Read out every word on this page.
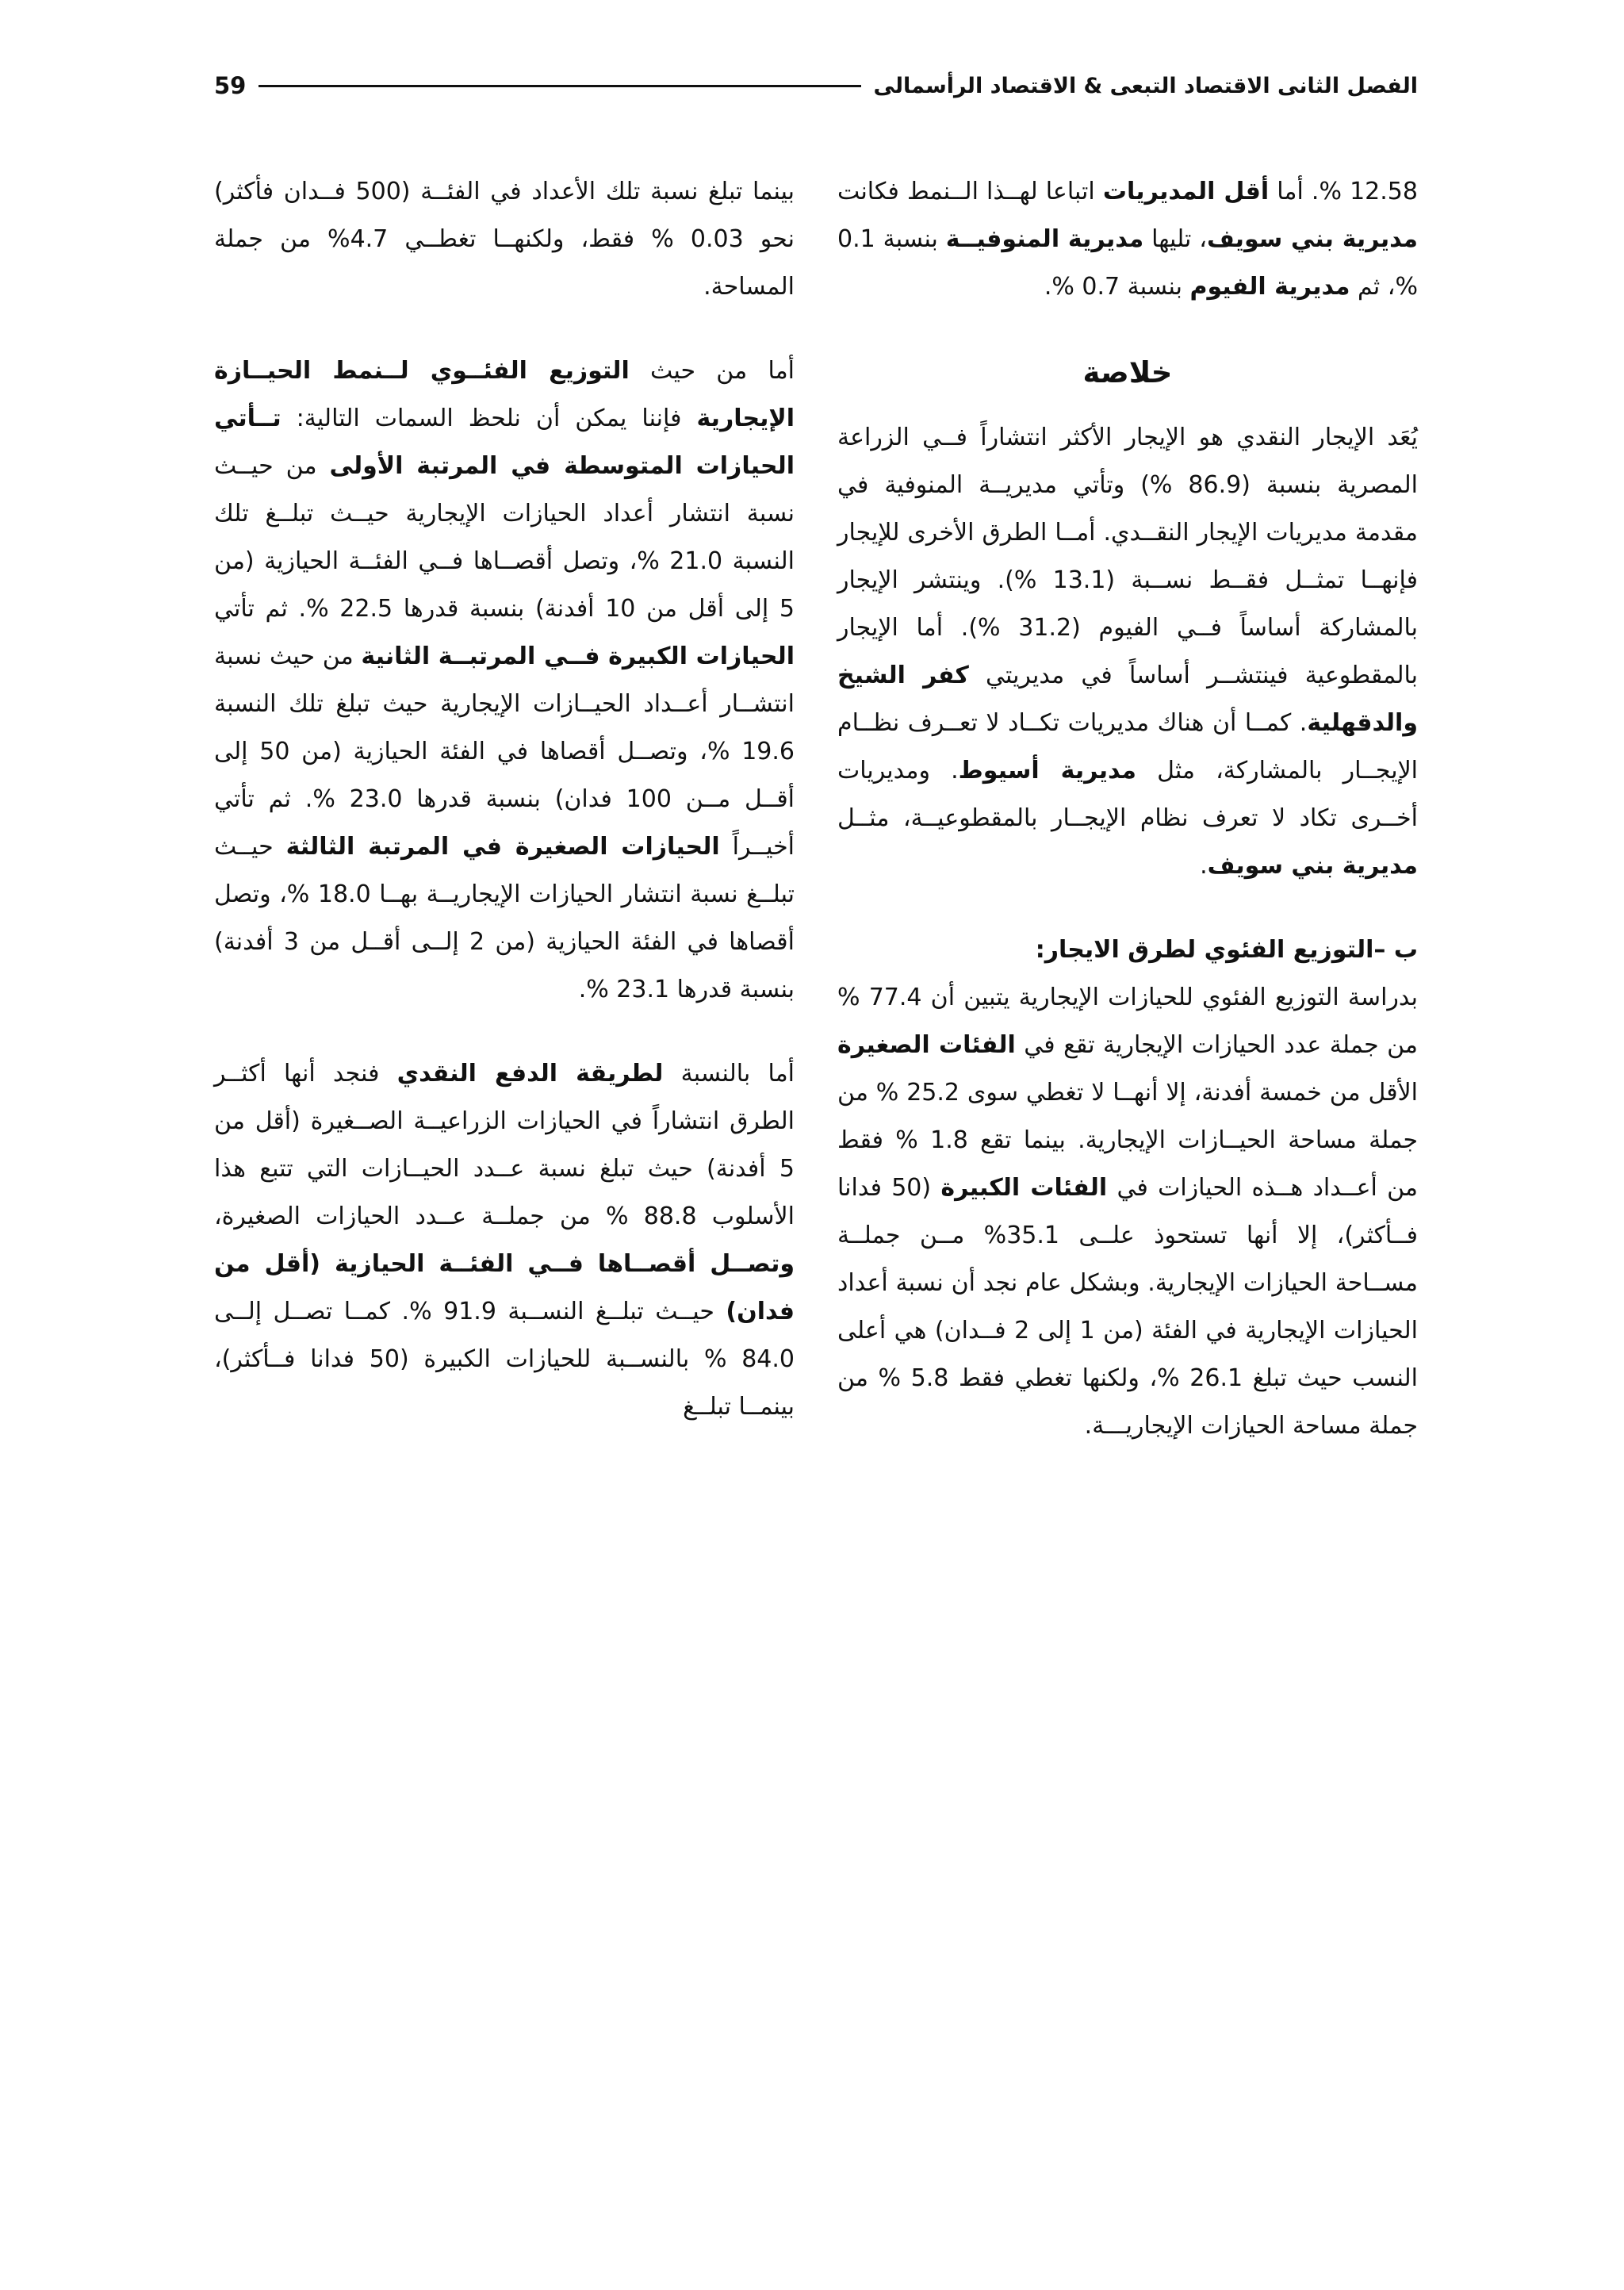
الفصل الثانى الاقتصاد التبعى & الاقتصاد الرأسمالى
59

12.58 %. أما أقل المديريات اتباعا لهــذا الــنمط فكانت مديرية بني سويف، تليها مديرية المنوفيــة بنسبة 0.1 %، ثم مديرية الفيوم بنسبة 0.7 %.

خلاصة

يُعَد الإيجار النقدي هو الإيجار الأكثر انتشاراً فــي الزراعة المصرية بنسبة (86.9 %) وتأتي مديريــة المنوفية في مقدمة مديريات الإيجار النقــدي. أمــا الطرق الأخرى للإيجار فإنهــا تمثــل فقــط نســبة (13.1 %). وينتشر الإيجار بالمشاركة أساساً فــي الفيوم (31.2 %). أما الإيجار بالمقطوعية فينتشــر أساساً في مديريتي كفر الشيخ والدقهلية. كمــا أن هناك مديريات تكــاد لا تعــرف نظــام الإيجــار بالمشاركة، مثل مديرية أسيوط. ومديريات أخــرى تكاد لا تعرف نظام الإيجــار بالمقطوعيــة، مثــل مديرية بني سويف.

ب –التوزيع الفئوي لطرق الايجار:

بدراسة التوزيع الفئوي للحيازات الإيجارية يتبين أن 77.4 % من جملة عدد الحيازات الإيجارية تقع في الفئات الصغيرة الأقل من خمسة أفدنة، إلا أنهــا لا تغطي سوى 25.2 % من جملة مساحة الحيــازات الإيجارية. بينما تقع 1.8 % فقط من أعــداد هــذه الحيازات في الفئات الكبيرة (50 فدانا فــأكثر)، إلا أنها تستحوذ علــى 35.1% مــن جملــة مســاحة الحيازات الإيجارية. وبشكل عام نجد أن نسبة أعداد الحيازات الإيجارية في الفئة (من 1 إلى 2 فــدان) هي أعلى النسب حيث تبلغ 26.1 %، ولكنها تغطي فقط 5.8 % من جملة مساحة الحيازات الإيجاريـــة.

بينما تبلغ نسبة تلك الأعداد في الفئــة (500 فــدان فأكثر) نحو 0.03 % فقط، ولكنهــا تغطــي 4.7% من جملة المساحة.

أما من حيث التوزيع الفئــوي لــنمط الحيــازة الإيجارية فإننا يمكن أن نلحظ السمات التالية: تــأتي الحيازات المتوسطة في المرتبة الأولى من حيــث نسبة انتشار أعداد الحيازات الإيجارية حيــث تبلــغ تلك النسبة 21.0 %، وتصل أقصــاها فــي الفئــة الحيازية (من 5 إلى أقل من 10 أفدنة) بنسبة قدرها 22.5 %. ثم تأتي الحيازات الكبيرة فــي المرتبــة الثانية من حيث نسبة انتشــار أعــداد الحيــازات الإيجارية حيث تبلغ تلك النسبة 19.6 %، وتصــل أقصاها في الفئة الحيازية (من 50 إلى أقــل مــن 100 فدان) بنسبة قدرها 23.0 %. ثم تأتي أخيــراً الحيازات الصغيرة في المرتبة الثالثة حيــث تبلــغ نسبة انتشار الحيازات الإيجاريــة بهــا 18.0 %، وتصل أقصاها في الفئة الحيازية (من 2 إلــى أقــل من 3 أفدنة) بنسبة قدرها 23.1 %.

أما بالنسبة لطريقة الدفع النقدي فنجد أنها أكثــر الطرق انتشاراً في الحيازات الزراعيــة الصــغيرة (أقل من 5 أفدنة) حيث تبلغ نسبة عــدد الحيــازات التي تتبع هذا الأسلوب 88.8 % من جملــة عــدد الحيازات الصغيرة، وتصــل أقصــاها فــي الفئــة الحيازية (أقل من فدان) حيــث تبلــغ النســبة 91.9 %. كمــا تصــل إلــى 84.0 % بالنســبة للحيازات الكبيرة (50 فدانا فــأكثر)، بينمــا تبلــغ
